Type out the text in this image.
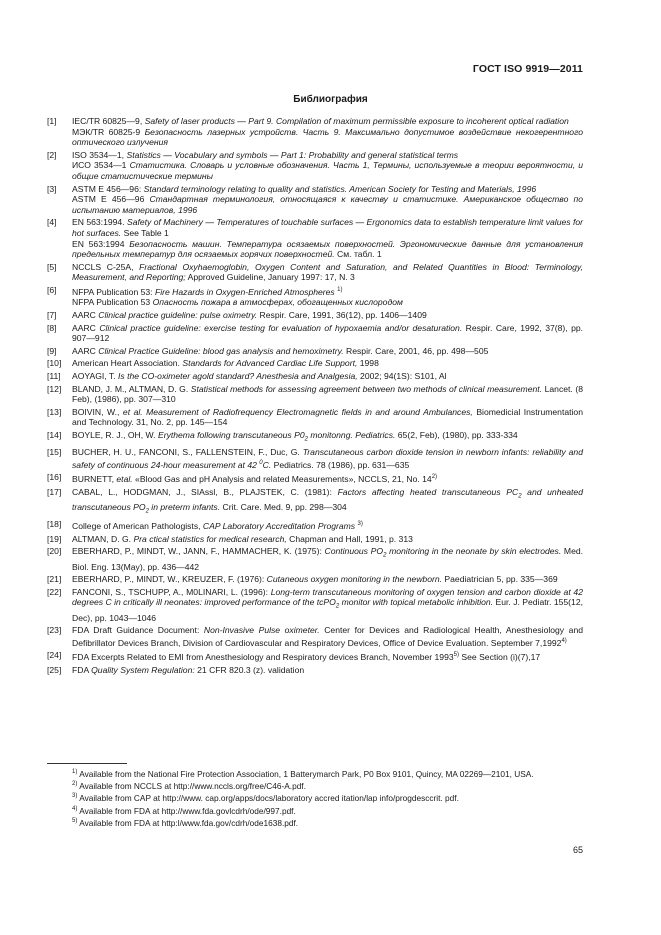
ГОСТ ISO 9919—2011
Библиография
[1]	IEC/TR 60825—9, Safety of laser products — Part 9. Compilation of maximum permissible exposure to incoherent optical radiation
МЭК/TR 60825-9 Безопасность лазерных устройств. Часть 9. Максимально допустимое воздействие некогерентного оптического излучения
[2]	ISO 3534—1, Statistics — Vocabulary and symbols — Part 1: Probability and general statistical terms
ИСО 3534—1 Статистика. Словарь и условные обозначения. Часть 1, Термины, используемые в теории вероятности, и общие статистические термины
[3]	ASTM E 456—96: Standard terminology relating to quality and statistics. American Society for Testing and Materials, 1996
ASTM E 456—96 Стандартная терминология, относящаяся к качеству и статистике. Американское общество по испытанию материалов, 1996
[4]	EN 563:1994. Safety of Machinery — Temperatures of touchable surfaces — Ergonomics data to establish temperature limit values for hot surfaces. See Table 1
EN 563:1994 Безопасность машин. Температура осязаемых поверхностей. Эргономические данные для установления предельных температур для осязаемых горячих поверхностей. См. табл. 1
[5]	NCCLS C-25A, Fractional Oxyhaemoglobin, Oxygen Content and Saturation, and Related Quantities in Blood: Terminology, Measurement, and Reporting; Approved Guideline, January 1997: 17, N. 3
[6]	NFPA Publication 53: Fire Hazards in Oxygen-Enriched Atmospheres $^{1)}$
NFPA Publication 53 Опасность пожара в атмосферах, обогащенных кислородом
[7]	AARC Clinical practice guideline: pulse oximetry. Respir. Care, 1991, 36(12), pp. 1406—1409
[8]	AARC Clinical practice guideline: exercise testing for evaluation of hypoxaemia and/or desaturation. Respir. Care, 1992, 37(8), pp. 907—912
[9]	AARC Clinical Practice Guideline: blood gas analysis and hemoximetry. Respir. Care, 2001, 46, pp. 498—505
[10]	American Heart Association. Standards for Advanced Cardiac Life Support, 1998
[11]	AOYAGI, T. Is the CO-oximeter agold standard? Anesthesia and Analgesia, 2002; 94(1S): S101, Al
[12]	BLAND, J. M., ALTMAN, D. G. Statistical methods for assessing agreement between two methods of clinical measurement. Lancet. (8 Feb), (1986), pp. 307—310
[13]	BOIVIN, W., et al. Measurement of Radiofrequency Electromagnetic fields in and around Ambulances, Biomedicial Instrumentation and Technology. 31, No. 2, pp. 145—154
[14]	BOYLE, R. J., OH, W. Erythema following transcutaneous $P0_2$ monitonng. Pediatrics. 65(2, Feb), (1980), pp. 333-334
[15]	BUCHER, H. U., FANCONI, S., FALLENSTEIN, F., Duc, G. Transcutaneous carbon dioxide tension in newborn infants: reliability and safety of continuous 24-hour measurement at 42 $^0$C. Pediatrics. 78 (1986), pp. 631—635
[16]	BURNETT, etal. «Blood Gas and pH Analysis and related Measurements», NCCLS, 21, No. 14$^{2)}$
[17]	CABAL, L., HODGMAN, J., SIAssl, B., PLAJSTEK, C. (1981): Factors affecting heated transcutaneous $PC_2$ and unheated transcutaneous $PO_2$ in preterm infants. Crit. Care. Med. 9, pp. 298—304
[18]	College of American Pathologists, CAP Laboratory Accreditation Programs $^{3)}$
[19]	ALTMAN, D. G. Pra ctical statistics for medical research, Chapman and Hall, 1991, p. 313
[20]	EBERHARD, P., MINDT, W., JANN, F., HAMMACHER, K. (1975): Continuous $PO_2$ monitoring in the neonate by skin electrodes. Med. Biol. Eng. 13(May), pp. 436—442
[21]	EBERHARD, P., MINDT, W., KREUZER, F. (1976): Cutaneous oxygen monitoring in the newborn. Paediatrician 5, pp. 335—369
[22]	FANCONI, S., TSCHUPP, A., M0LINARI, L. (1996): Long-term transcutaneous monitoring of oxygen tension and carbon dioxide at 42 degrees C in critically ill neonates: improved performance of the tcPO$_2$ monitor with topical metabolic inhibition. Eur. J. Pediatr. 155(12, Dec), pp. 1043—1046
[23]	FDA Draft Guidance Document: Non-Invasive Pulse oximeter. Center for Devices and Radiological Health, Anesthesiology and Defibrillator Devices Branch, Division of Cardiovascular and Respiratory Devices, Office of Device Evaluation. September 7,1992$^{4)}$
[24]	FDA Excerpts Related to EMI from Anesthesiology and Respiratory devices Branch, November 1993$^{5)}$ See Section (i)(7),17
[25]	FDA Quality System Regulation: 21 CFR 820.3 (z). validation
$^{1)}$ Available from the National Fire Protection Association, 1 Batterymarch Park, P0 Box 9101, Quincy, MA 02269—2101, USA.
$^{2)}$ Available from NCCLS at http://www.nccls.org/free/C46-A.pdf.
$^{3)}$ Available from CAP at http://www. cap.org/apps/docs/laboratory accred itation/lap info/progdesccrit. pdf.
$^{4)}$ Available from FDA at http://www.fda.govlcdrh/ode/997.pdf.
$^{5)}$ Available from FDA at http:l/www.fda.gov/cdrh/ode1638.pdf.
65
